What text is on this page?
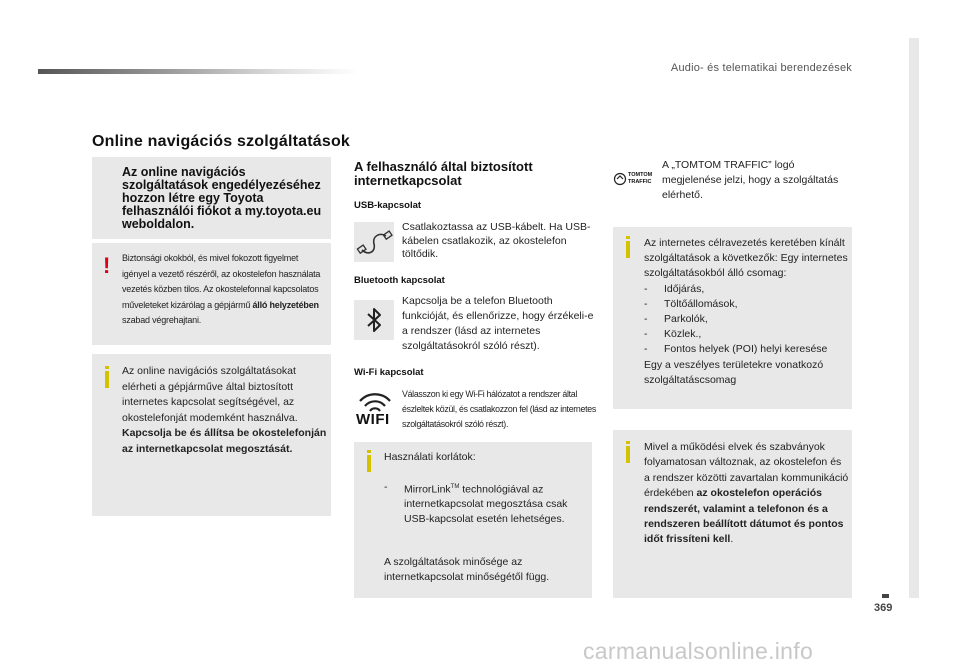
Audio- és telematikai berendezések
369
Online navigációs szolgáltatások
Az online navigációs szolgáltatások engedélyezéséhez hozzon létre egy Toyota felhasználói fiókot a my.toyota.eu weboldalon.
! Biztonsági okokból, és mivel fokozott figyelmet igényel a vezető részéről, az okostelefon használata vezetés közben tilos. Az okostelefonnal kapcsolatos műveleteket kizárólag a gépjármű álló helyzetében szabad végrehajtani.
Az online navigációs szolgáltatásokat elérheti a gépjárműve által biztosított internetes kapcsolat segítségével, az okostelefonját modemként használva.
Kapcsolja be és állítsa be okostelefonján az internetkapcsolat megosztását.
A felhasználó által biztosított internetkapcsolat
USB-kapcsolat
Csatlakoztassa az USB-kábelt. Ha USB-kábelen csatlakozik, az okostelefon töltődik.
Bluetooth kapcsolat
Kapcsolja be a telefon Bluetooth funkcióját, és ellenőrizze, hogy érzékeli-e a rendszer (lásd az internetes szolgáltatásokról szóló részt).
Wi-Fi kapcsolat
WIFI
Válasszon ki egy Wi-Fi hálózatot a rendszer által észleltek közül, és csatlakozzon fel (lásd az internetes szolgáltatásokról szóló részt).
Használati korlátok:
-	MirrorLink™ technológiával az internetkapcsolat megosztása csak USB-kapcsolat esetén lehetséges.
A szolgáltatások minősége az internetkapcsolat minőségétől függ.
TOMTOM
TRAFFIC
A „TOMTOM TRAFFIC” logó megjelenése jelzi, hogy a szolgáltatás elérhető.
Az internetes célravezetés keretében kínált szolgáltatások a következők: Egy internetes szolgáltatásokból álló csomag:
- Időjárás,
- Töltőállomások,
- Parkolók,
- Közlek.,
- Fontos helyek (POI) helyi keresése
Egy a veszélyes területekre vonatkozó szolgáltatáscsomag
Mivel a működési elvek és szabványok folyamatosan változnak, az okostelefon és a rendszer közötti zavartalan kommunikáció érdekében az okostelefon operációs rendszerét, valamint a telefonon és a rendszeren beállított dátumot és pontos időt frissíteni kell.
carmanualsonline.info
